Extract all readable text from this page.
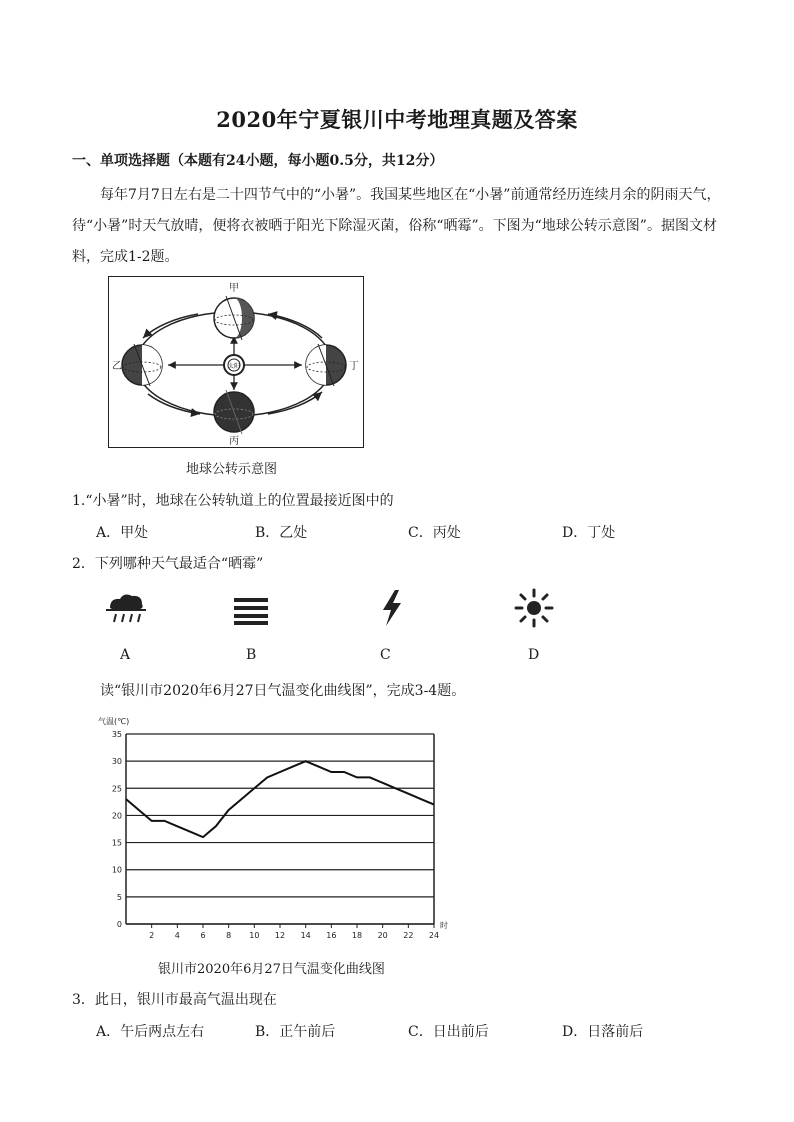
2020年宁夏银川中考地理真题及答案
一、单项选择题（本题有24小题，每小题0.5分，共12分）
每年7月7日左右是二十四节气中的“小暑”。我国某些地区在“小暑”前通常经历连续月余的阴雨天气，待“小暑”时天气放晴，便将衣被晒于阳光下除湿灭菌，俗称“晒霉”。下图为“地球公转示意图”。据图文材料，完成1-2题。
太阳
甲
乙
丙
丁
地球公转示意图
1.“小暑”时，地球在公转轨道上的位置最接近图中的
A．甲处	B．乙处	C．丙处	D．丁处
2．下列哪种天气最适合“晒霉”
A	B	C	D
读“银川市2020年6月27日气温变化曲线图”，完成3-4题。
0
5
10
15
20
25
30
35
2	4	6	8 10 12 14 16 18 20 22 24
气温(℃)
时
银川市2020年6月27日气温变化曲线图
3．此日，银川市最高气温出现在
A．午后两点左右	B．正午前后	C．日出前后	D．日落前后
